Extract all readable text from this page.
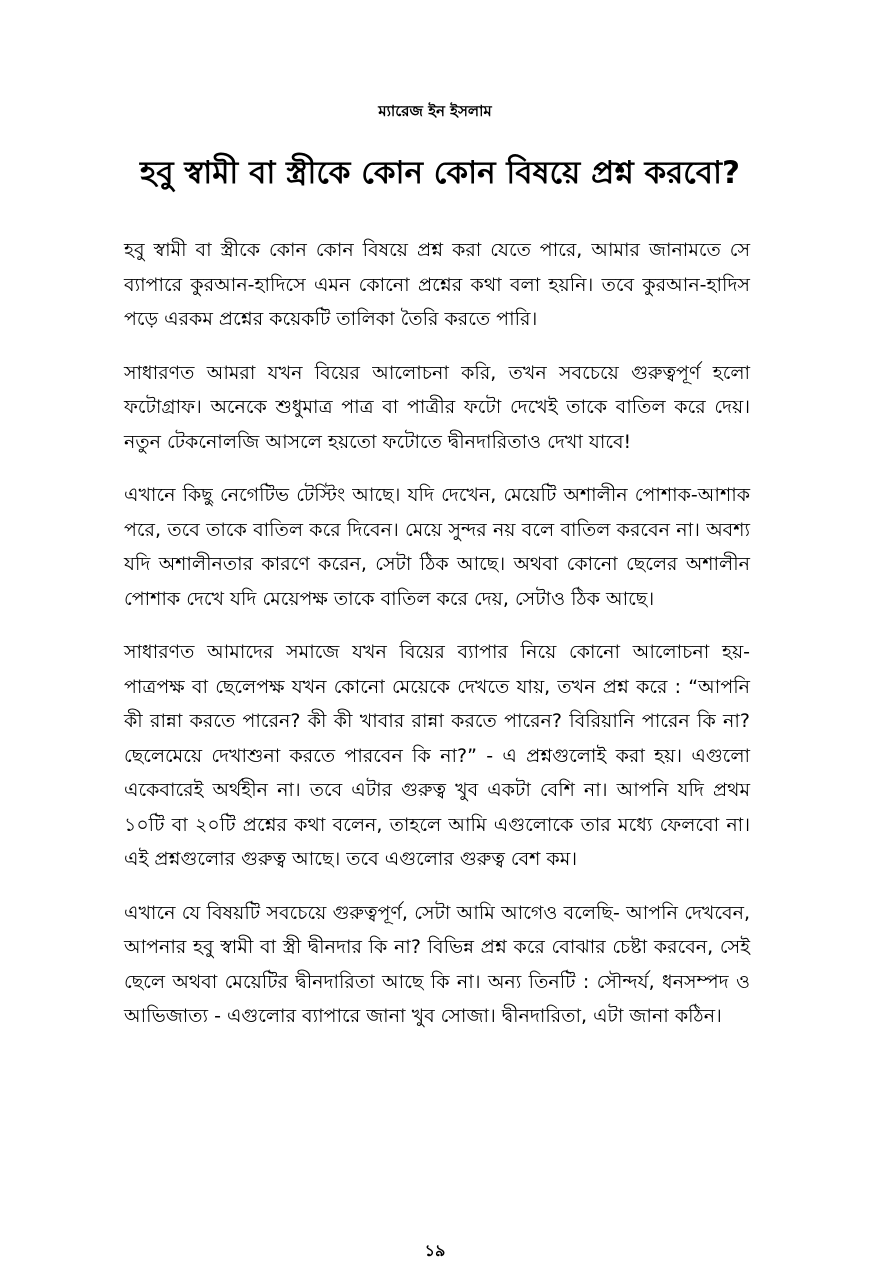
ম্যারেজ ইন ইসলাম
হবু স্বামী বা স্ত্রীকে কোন কোন বিষয়ে প্রশ্ন করবো?

হবু স্বামী বা স্ত্রীকে কোন কোন বিষয়ে প্রশ্ন করা যেতে পারে, আমার জানামতে সে ব্যাপারে কুরআন-হাদিসে এমন কোনো প্রশ্নের কথা বলা হয়নি। তবে কুরআন-হাদিস পড়ে এরকম প্রশ্নের কয়েকটি তালিকা তৈরি করতে পারি।

সাধারণত আমরা যখন বিয়ের আলোচনা করি, তখন সবচেয়ে গুরুত্বপূর্ণ হলো ফটোগ্রাফ। অনেকে শুধুমাত্র পাত্র বা পাত্রীর ফটো দেখেই তাকে বাতিল করে দেয়। নতুন টেকনোলজি আসলে হয়তো ফটোতে দ্বীনদারিতাও দেখা যাবে!

এখানে কিছু নেগেটিভ টেস্টিং আছে। যদি দেখেন, মেয়েটি অশালীন পোশাক-আশাক পরে, তবে তাকে বাতিল করে দিবেন। মেয়ে সুন্দর নয় বলে বাতিল করবেন না। অবশ্য যদি অশালীনতার কারণে করেন, সেটা ঠিক আছে। অথবা কোনো ছেলের অশালীন পোশাক দেখে যদি মেয়েপক্ষ তাকে বাতিল করে দেয়, সেটাও ঠিক আছে।

সাধারণত আমাদের সমাজে যখন বিয়ের ব্যাপার নিয়ে কোনো আলোচনা হয়- পাত্রপক্ষ বা ছেলেপক্ষ যখন কোনো মেয়েকে দেখতে যায়, তখন প্রশ্ন করে : “আপনি কী রান্না করতে পারেন? কী কী খাবার রান্না করতে পারেন? বিরিয়ানি পারেন কি না? ছেলেমেয়ে দেখাশুনা করতে পারবেন কি না?” - এ প্রশ্নগুলোই করা হয়। এগুলো একেবারেই অর্থহীন না। তবে এটার গুরুত্ব খুব একটা বেশি না। আপনি যদি প্রথম ১০টি বা ২০টি প্রশ্নের কথা বলেন, তাহলে আমি এগুলোকে তার মধ্যে ফেলবো না। এই প্রশ্নগুলোর গুরুত্ব আছে। তবে এগুলোর গুরুত্ব বেশ কম।

এখানে যে বিষয়টি সবচেয়ে গুরুত্বপূর্ণ, সেটা আমি আগেও বলেছি- আপনি দেখবেন, আপনার হবু স্বামী বা স্ত্রী দ্বীনদার কি না? বিভিন্ন প্রশ্ন করে বোঝার চেষ্টা করবেন, সেই ছেলে অথবা মেয়েটির দ্বীনদারিতা আছে কি না। অন্য তিনটি : সৌন্দর্য, ধনসম্পদ ও আভিজাত্য - এগুলোর ব্যাপারে জানা খুব সোজা। দ্বীনদারিতা, এটা জানা কঠিন।

১৯
